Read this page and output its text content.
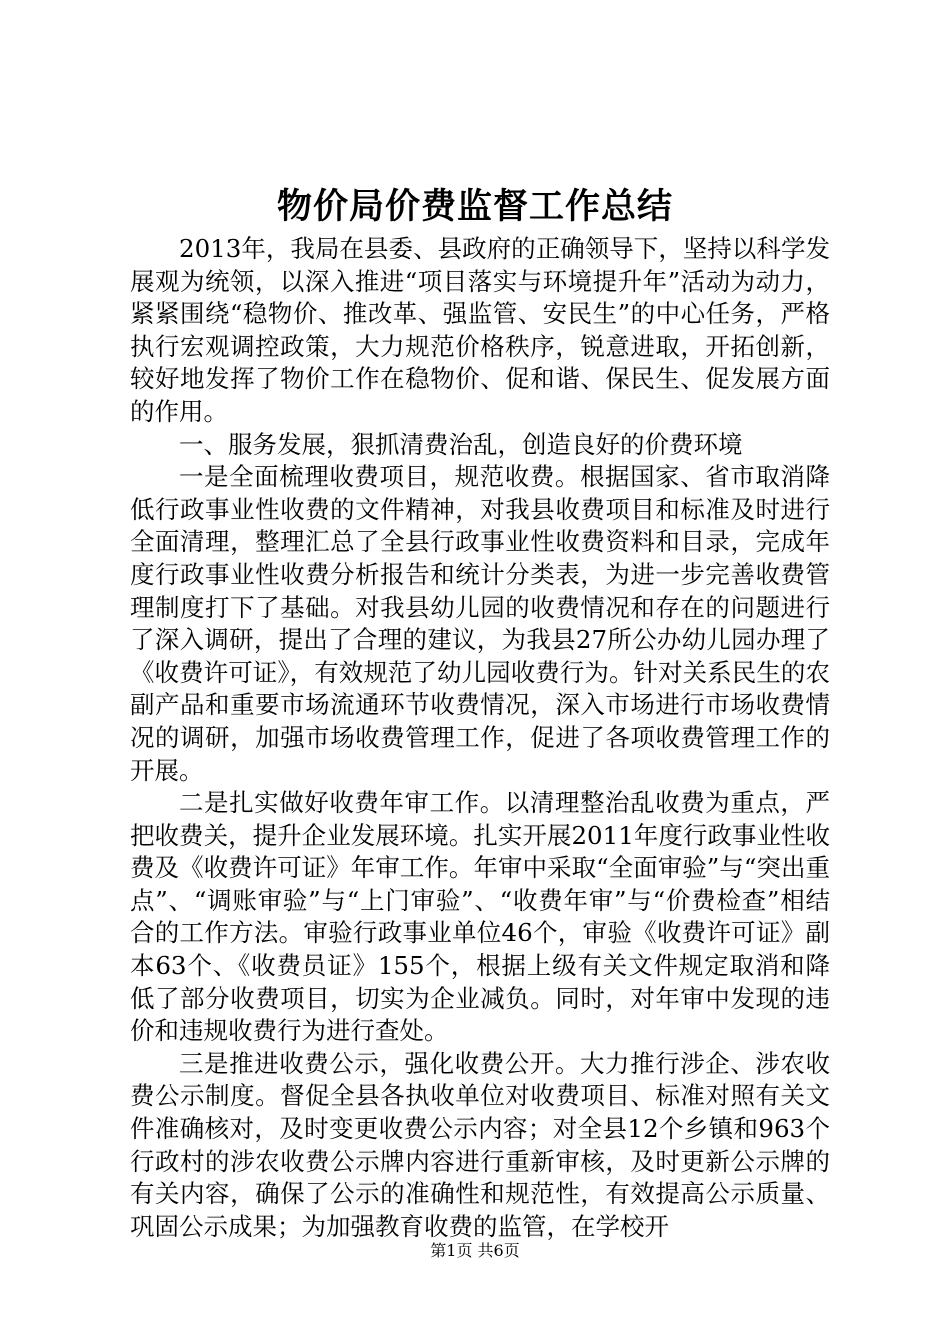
物价局价费监督工作总结

2013年，我局在县委、县政府的正确领导下，坚持以科学发展观为统领，以深入推进“项目落实与环境提升年”活动为动力，紧紧围绕“稳物价、推改革、强监管、安民生”的中心任务，严格执行宏观调控政策，大力规范价格秩序，锐意进取，开拓创新，较好地发挥了物价工作在稳物价、促和谐、保民生、促发展方面的作用。

一、服务发展，狠抓清费治乱，创造良好的价费环境

一是全面梳理收费项目，规范收费。根据国家、省市取消降低行政事业性收费的文件精神，对我县收费项目和标准及时进行全面清理，整理汇总了全县行政事业性收费资料和目录，完成年度行政事业性收费分析报告和统计分类表，为进一步完善收费管理制度打下了基础。对我县幼儿园的收费情况和存在的问题进行了深入调研，提出了合理的建议，为我县27所公办幼儿园办理了《收费许可证》，有效规范了幼儿园收费行为。针对关系民生的农副产品和重要市场流通环节收费情况，深入市场进行市场收费情况的调研，加强市场收费管理工作，促进了各项收费管理工作的开展。

二是扎实做好收费年审工作。以清理整治乱收费为重点，严把收费关，提升企业发展环境。扎实开展2011年度行政事业性收费及《收费许可证》年审工作。年审中采取“全面审验”与“突出重点”、“调账审验”与“上门审验”、“收费年审”与“价费检查”相结合的工作方法。审验行政事业单位46个，审验《收费许可证》副本63个、《收费员证》155个，根据上级有关文件规定取消和降低了部分收费项目，切实为企业减负。同时，对年审中发现的违价和违规收费行为进行查处。

三是推进收费公示，强化收费公开。大力推行涉企、涉农收费公示制度。督促全县各执收单位对收费项目、标准对照有关文件准确核对，及时变更收费公示内容；对全县12个乡镇和963个行政村的涉农收费公示牌内容进行重新审核，及时更新公示牌的有关内容，确保了公示的准确性和规范性，有效提高公示质量、巩固公示成果；为加强教育收费的监管，在学校开

第1页 共6页
